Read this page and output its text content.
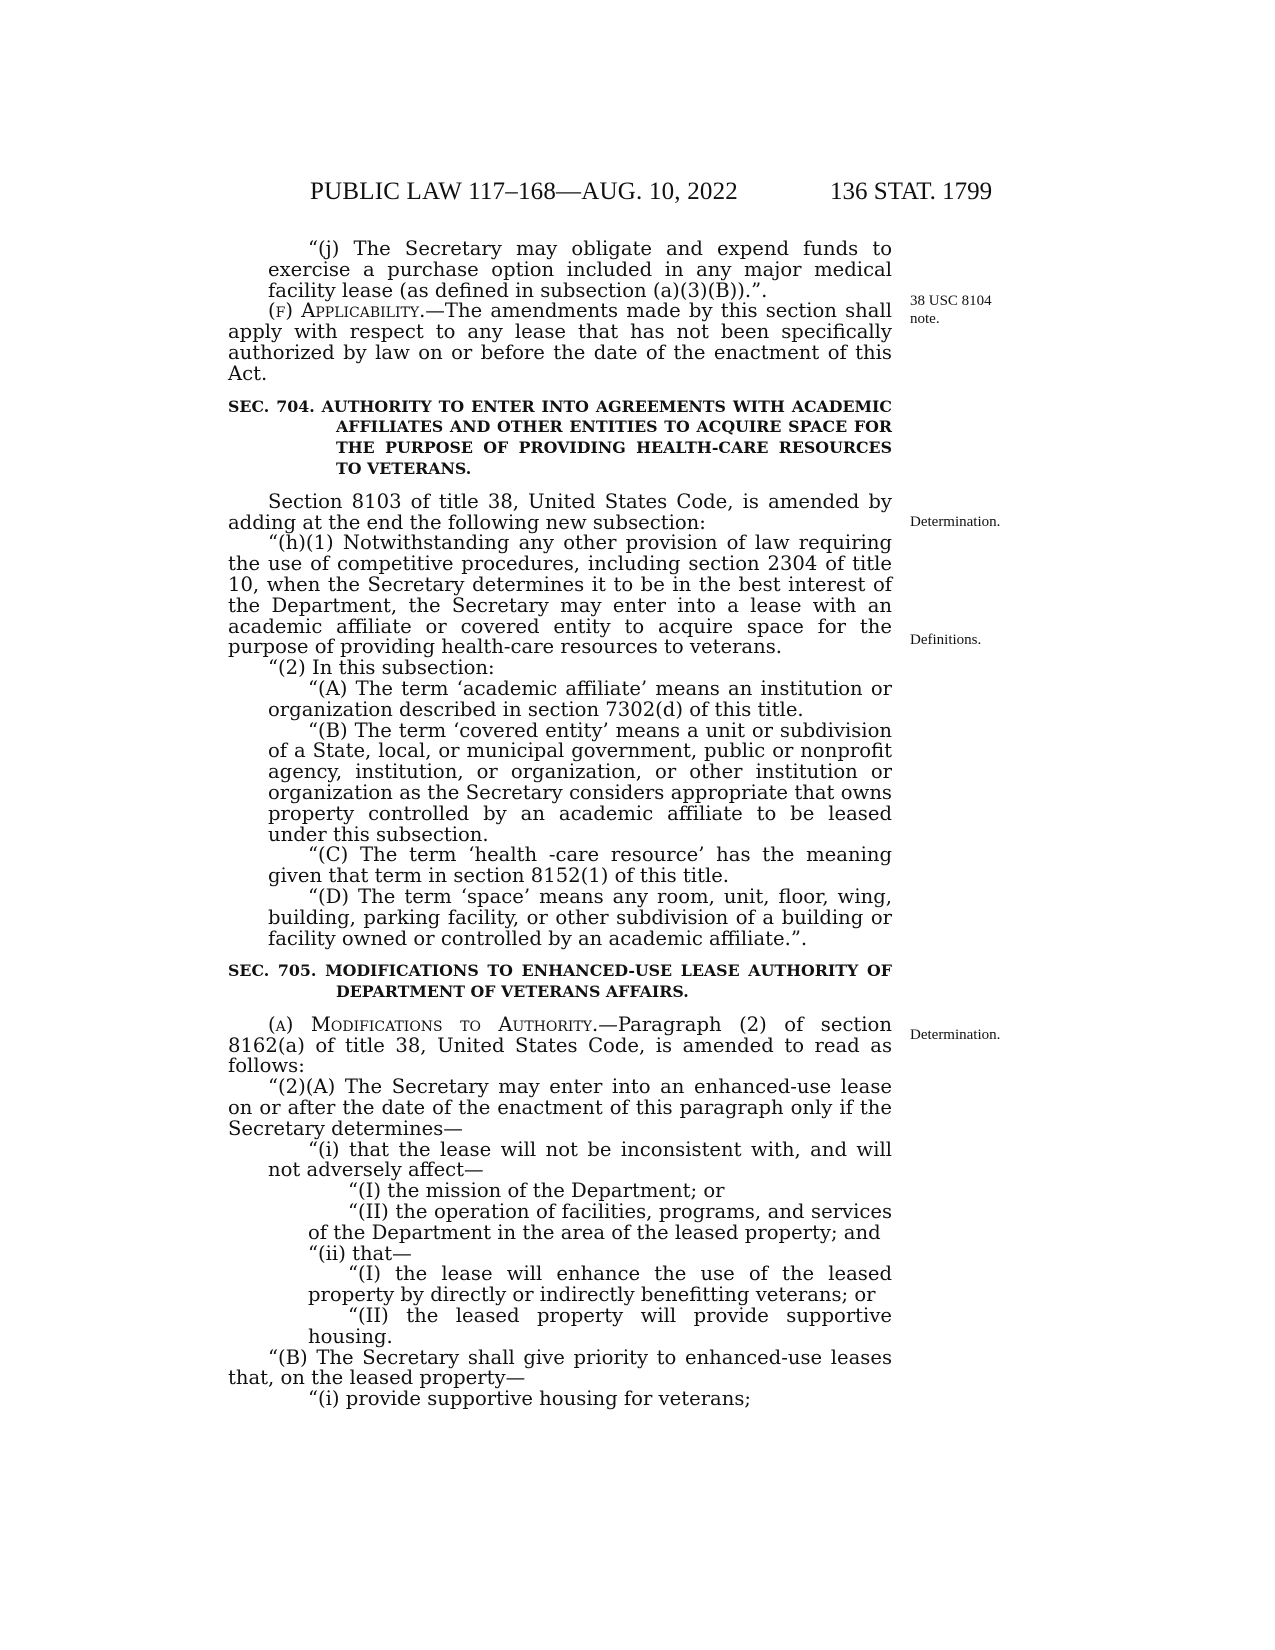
PUBLIC LAW 117–168—AUG. 10, 2022	136 STAT. 1799
38 USC 8104
note.
Determination.
Definitions.
Determination.

“(j) The Secretary may obligate and expend funds to exercise a purchase option included in any major medical facility lease (as defined in subsection (a)(3)(B)).”.

(f) Applicability.—The amendments made by this section shall apply with respect to any lease that has not been specifically authorized by law on or before the date of the enactment of this Act.

SEC. 704. AUTHORITY TO ENTER INTO AGREEMENTS WITH ACADEMIC AFFILIATES AND OTHER ENTITIES TO ACQUIRE SPACE FOR THE PURPOSE OF PROVIDING HEALTH-CARE RESOURCES TO VETERANS.

Section 8103 of title 38, United States Code, is amended by adding at the end the following new subsection:

“(h)(1) Notwithstanding any other provision of law requiring the use of competitive procedures, including section 2304 of title 10, when the Secretary determines it to be in the best interest of the Department, the Secretary may enter into a lease with an academic affiliate or covered entity to acquire space for the purpose of providing health-care resources to veterans.

“(2) In this subsection:

“(A) The term ‘academic affiliate’ means an institution or organization described in section 7302(d) of this title.

“(B) The term ‘covered entity’ means a unit or subdivision of a State, local, or municipal government, public or nonprofit agency, institution, or organization, or other institution or organization as the Secretary considers appropriate that owns property controlled by an academic affiliate to be leased under this subsection.

“(C) The term ‘health -care resource’ has the meaning given that term in section 8152(1) of this title.

“(D) The term ‘space’ means any room, unit, floor, wing, building, parking facility, or other subdivision of a building or facility owned or controlled by an academic affiliate.”.

SEC. 705. MODIFICATIONS TO ENHANCED-USE LEASE AUTHORITY OF DEPARTMENT OF VETERANS AFFAIRS.

(a) Modifications to Authority.—Paragraph (2) of section 8162(a) of title 38, United States Code, is amended to read as follows:

“(2)(A) The Secretary may enter into an enhanced-use lease on or after the date of the enactment of this paragraph only if the Secretary determines—

“(i) that the lease will not be inconsistent with, and will not adversely affect—

“(I) the mission of the Department; or

“(II) the operation of facilities, programs, and services of the Department in the area of the leased property; and

“(ii) that—

“(I) the lease will enhance the use of the leased property by directly or indirectly benefitting veterans; or

“(II) the leased property will provide supportive housing.

“(B) The Secretary shall give priority to enhanced-use leases that, on the leased property—

“(i) provide supportive housing for veterans;
